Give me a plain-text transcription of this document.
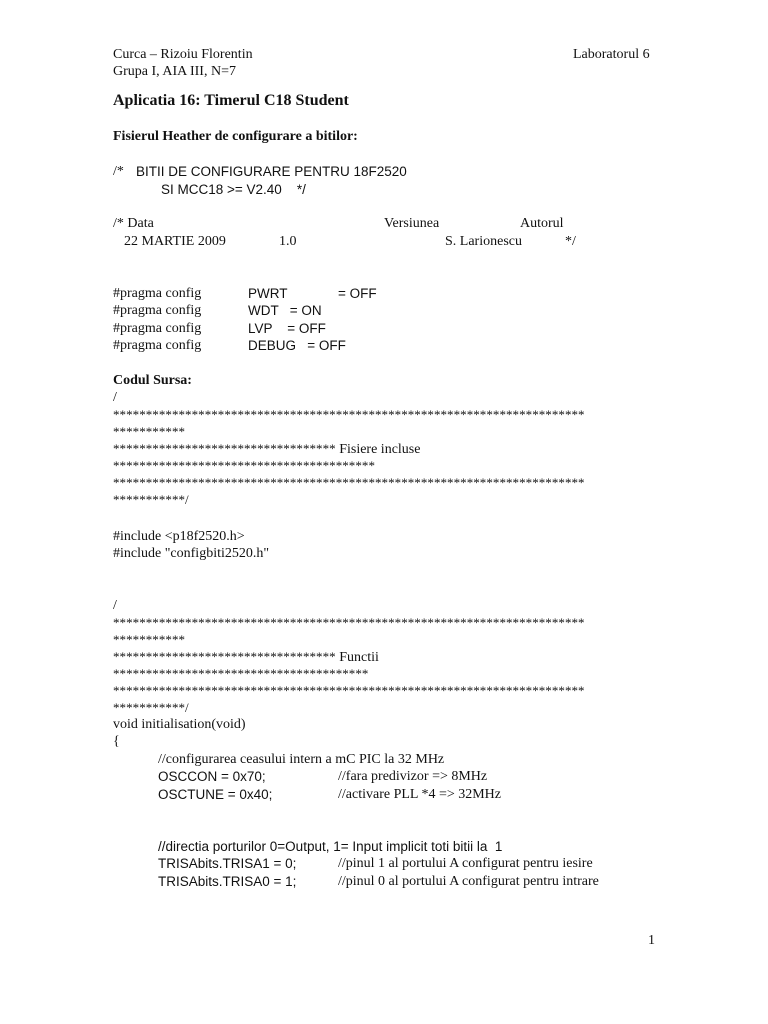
Curca – Rizoiu Florentin	Laboratorul 6
Grupa I, AIA III, N=7
Aplicatia 16: Timerul C18 Student
Fisierul Heather de configurare a bitilor:
/* BITII DE CONFIGURARE PENTRU 18F2520
SI MCC18 >= V2.40    */
/* Data	Versiunea	Autorul
22 MARTIE 2009	1.0	S. Larionescu	*/
#pragma config	PWRT	= OFF
#pragma config	WDT   = ON
#pragma config	LVP    = OFF
#pragma config	DEBUG   = OFF
Codul Sursa:
/
************************************************************************
***********
********************************** Fisiere incluse
****************************************
************************************************************************
***********/
#include <p18f2520.h>
#include "configbiti2520.h"
/
************************************************************************
***********
********************************** Functii
***************************************
************************************************************************
***********/
void initialisation(void)
{
//configurarea ceasului intern a mC PIC la 32 MHz
OSCCON = 0x70;	//fara predivizor => 8MHz
OSCTUNE = 0x40;	//activare PLL *4 => 32MHz
//directia porturilor 0=Output, 1= Input implicit toti bitii la  1
TRISAbits.TRISA1 = 0;	//pinul 1 al portului A configurat pentru iesire
TRISAbits.TRISA0 = 1;	//pinul 0 al portului A configurat pentru intrare
1
